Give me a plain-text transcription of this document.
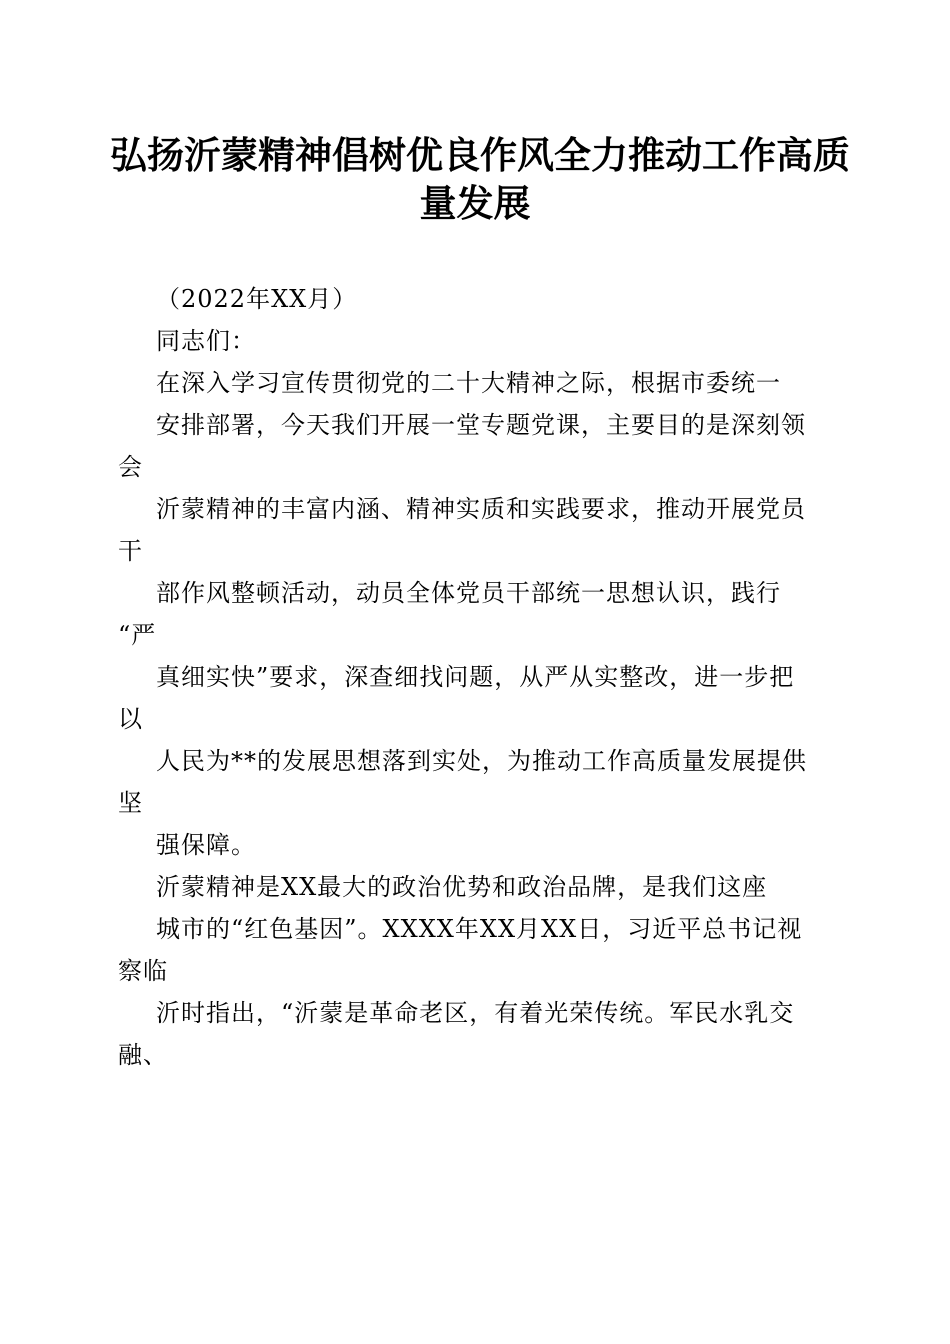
弘扬沂蒙精神倡树优良作风全力推动工作高质
量发展
（2022年XX月）
同志们：
在深入学习宣传贯彻党的二十大精神之际，根据市委统一
安排部署，今天我们开展一堂专题党课，主要目的是深刻领
会
沂蒙精神的丰富内涵、精神实质和实践要求，推动开展党员
干
部作风整顿活动，动员全体党员干部统一思想认识，践行
“严
真细实快”要求，深查细找问题，从严从实整改，进一步把
以
人民为**的发展思想落到实处，为推动工作高质量发展提供
坚
强保障。
沂蒙精神是XX最大的政治优势和政治品牌，是我们这座
城市的“红色基因”。XXXX年XX月XX日，习近平总书记视
察临
沂时指出，“沂蒙是革命老区，有着光荣传统。军民水乳交
融、
